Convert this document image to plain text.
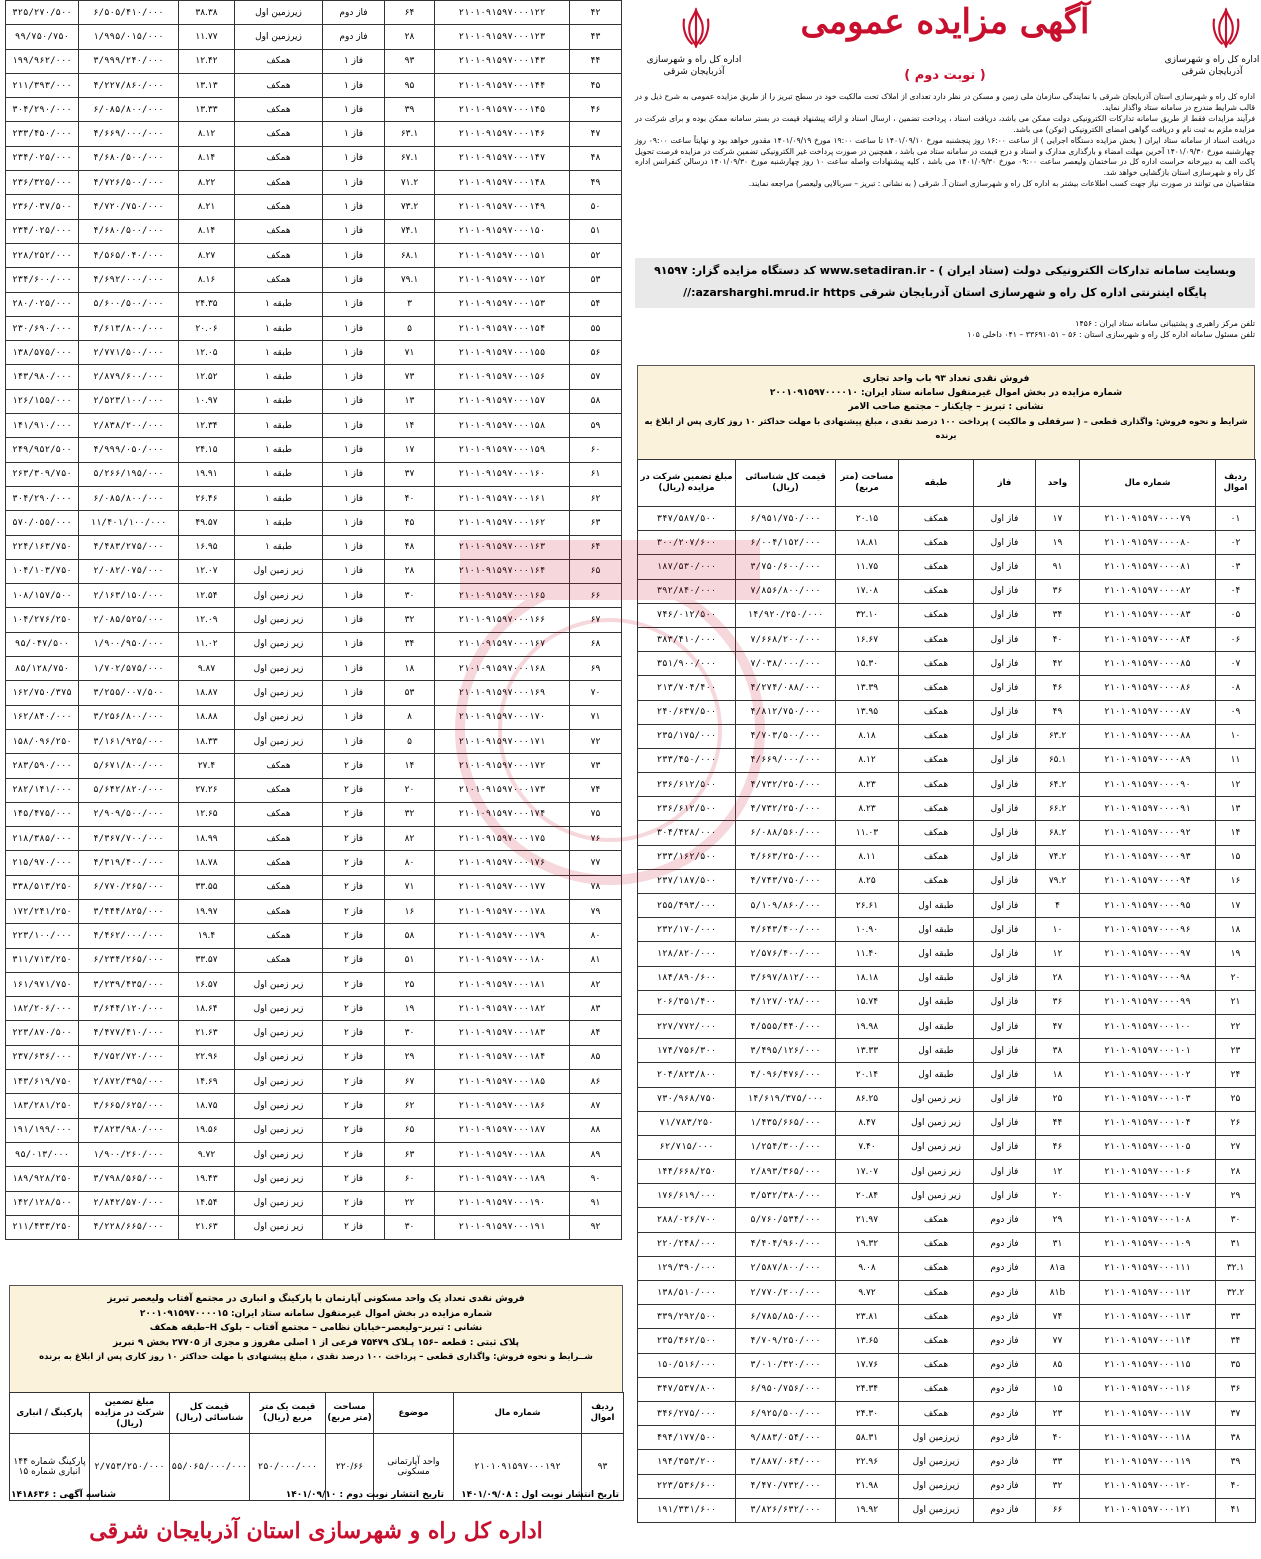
۴۲	۲۱۰۱۰۹۱۵۹۷۰۰۰۱۲۲	۶۴	فاز دوم	زیرزمین اول	۳۸.۳۸	۶/۵۰۵/۴۱۰/۰۰۰	۳۲۵/۲۷۰/۵۰۰
۴۳	۲۱۰۱۰۹۱۵۹۷۰۰۰۱۲۳	۲۸	فاز دوم	زیرزمین اول	۱۱.۷۷	۱/۹۹۵/۰۱۵/۰۰۰	۹۹/۷۵۰/۷۵۰
۴۴	۲۱۰۱۰۹۱۵۹۷۰۰۰۱۴۳	۹۳	فاز ۱	همکف	۱۲.۴۲	۳/۹۹۹/۲۴۰/۰۰۰	۱۹۹/۹۶۲/۰۰۰
۴۵	۲۱۰۱۰۹۱۵۹۷۰۰۰۱۴۴	۹۵	فاز ۱	همکف	۱۳.۱۳	۴/۲۲۷/۸۶۰/۰۰۰	۲۱۱/۳۹۳/۰۰۰
۴۶	۲۱۰۱۰۹۱۵۹۷۰۰۰۱۴۵	۳۹	فاز ۱	همکف	۱۳.۳۳	۶/۰۸۵/۸۰۰/۰۰۰	۳۰۴/۲۹۰/۰۰۰
۴۷	۲۱۰۱۰۹۱۵۹۷۰۰۰۱۴۶	۶۳.۱	فاز ۱	همکف	۸.۱۲	۴/۶۶۹/۰۰۰/۰۰۰	۲۳۳/۴۵۰/۰۰۰
۴۸	۲۱۰۱۰۹۱۵۹۷۰۰۰۱۴۷	۶۷.۱	فاز ۱	همکف	۸.۱۴	۴/۶۸۰/۵۰۰/۰۰۰	۲۳۴/۰۲۵/۰۰۰
۴۹	۲۱۰۱۰۹۱۵۹۷۰۰۰۱۴۸	۷۱.۲	فاز ۱	همکف	۸.۲۲	۴/۷۲۶/۵۰۰/۰۰۰	۲۳۶/۳۲۵/۰۰۰
۵۰	۲۱۰۱۰۹۱۵۹۷۰۰۰۱۴۹	۷۳.۲	فاز ۱	همکف	۸.۲۱	۴/۷۲۰/۷۵۰/۰۰۰	۲۳۶/۰۳۷/۵۰۰
۵۱	۲۱۰۱۰۹۱۵۹۷۰۰۰۱۵۰	۷۴.۱	فاز ۱	همکف	۸.۱۴	۴/۶۸۰/۵۰۰/۰۰۰	۲۳۴/۰۲۵/۰۰۰
۵۲	۲۱۰۱۰۹۱۵۹۷۰۰۰۱۵۱	۶۸.۱	فاز ۱	همکف	۸.۲۷	۴/۵۶۵/۰۴۰/۰۰۰	۲۲۸/۲۵۲/۰۰۰
۵۳	۲۱۰۱۰۹۱۵۹۷۰۰۰۱۵۲	۷۹.۱	فاز ۱	همکف	۸.۱۶	۴/۶۹۲/۰۰۰/۰۰۰	۲۳۴/۶۰۰/۰۰۰
۵۴	۲۱۰۱۰۹۱۵۹۷۰۰۰۱۵۳	۳	فاز ۱	طبقه ۱	۲۴.۳۵	۵/۶۰۰/۵۰۰/۰۰۰	۲۸۰/۰۲۵/۰۰۰
۵۵	۲۱۰۱۰۹۱۵۹۷۰۰۰۱۵۴	۵	فاز ۱	طبقه ۱	۲۰.۰۶	۴/۶۱۳/۸۰۰/۰۰۰	۲۳۰/۶۹۰/۰۰۰
۵۶	۲۱۰۱۰۹۱۵۹۷۰۰۰۱۵۵	۷۱	فاز ۱	طبقه ۱	۱۲.۰۵	۲/۷۷۱/۵۰۰/۰۰۰	۱۳۸/۵۷۵/۰۰۰
۵۷	۲۱۰۱۰۹۱۵۹۷۰۰۰۱۵۶	۷۳	فاز ۱	طبقه ۱	۱۲.۵۲	۲/۸۷۹/۶۰۰/۰۰۰	۱۴۳/۹۸۰/۰۰۰
۵۸	۲۱۰۱۰۹۱۵۹۷۰۰۰۱۵۷	۱۳	فاز ۱	طبقه ۱	۱۰.۹۷	۲/۵۲۳/۱۰۰/۰۰۰	۱۲۶/۱۵۵/۰۰۰
۵۹	۲۱۰۱۰۹۱۵۹۷۰۰۰۱۵۸	۱۴	فاز ۱	طبقه ۱	۱۲.۳۴	۲/۸۳۸/۲۰۰/۰۰۰	۱۴۱/۹۱۰/۰۰۰
۶۰	۲۱۰۱۰۹۱۵۹۷۰۰۰۱۵۹	۱۷	فاز ۱	طبقه ۱	۲۴.۱۵	۴/۹۹۹/۰۵۰/۰۰۰	۲۴۹/۹۵۲/۵۰۰
۶۱	۲۱۰۱۰۹۱۵۹۷۰۰۰۱۶۰	۳۷	فاز ۱	طبقه ۱	۱۹.۹۱	۵/۲۶۶/۱۹۵/۰۰۰	۲۶۳/۳۰۹/۷۵۰
۶۲	۲۱۰۱۰۹۱۵۹۷۰۰۰۱۶۱	۴۰	فاز ۱	طبقه ۱	۲۶.۴۶	۶/۰۸۵/۸۰۰/۰۰۰	۳۰۴/۲۹۰/۰۰۰
۶۳	۲۱۰۱۰۹۱۵۹۷۰۰۰۱۶۲	۴۵	فاز ۱	طبقه ۱	۴۹.۵۷	۱۱/۴۰۱/۱۰۰/۰۰۰	۵۷۰/۰۵۵/۰۰۰
۶۴	۲۱۰۱۰۹۱۵۹۷۰۰۰۱۶۳	۴۸	فاز ۱	طبقه ۱	۱۶.۹۵	۴/۴۸۳/۲۷۵/۰۰۰	۲۲۴/۱۶۳/۷۵۰
۶۵	۲۱۰۱۰۹۱۵۹۷۰۰۰۱۶۴	۲۸	فاز ۱	زیر زمین اول	۱۲.۰۷	۲/۰۸۲/۰۷۵/۰۰۰	۱۰۴/۱۰۳/۷۵۰
۶۶	۲۱۰۱۰۹۱۵۹۷۰۰۰۱۶۵	۳۰	فاز ۱	زیر زمین اول	۱۲.۵۴	۲/۱۶۳/۱۵۰/۰۰۰	۱۰۸/۱۵۷/۵۰۰
۶۷	۲۱۰۱۰۹۱۵۹۷۰۰۰۱۶۶	۳۲	فاز ۱	زیر زمین اول	۱۲.۰۹	۲/۰۸۵/۵۲۵/۰۰۰	۱۰۴/۲۷۶/۲۵۰
۶۸	۲۱۰۱۰۹۱۵۹۷۰۰۰۱۶۷	۳۴	فاز ۱	زیر زمین اول	۱۱.۰۲	۱/۹۰۰/۹۵۰/۰۰۰	۹۵/۰۴۷/۵۰۰
۶۹	۲۱۰۱۰۹۱۵۹۷۰۰۰۱۶۸	۱۸	فاز ۱	زیر زمین اول	۹.۸۷	۱/۷۰۲/۵۷۵/۰۰۰	۸۵/۱۲۸/۷۵۰
۷۰	۲۱۰۱۰۹۱۵۹۷۰۰۰۱۶۹	۵۳	فاز ۱	زیر زمین اول	۱۸.۸۷	۳/۲۵۵/۰۰۷/۵۰۰	۱۶۲/۷۵۰/۳۷۵
۷۱	۲۱۰۱۰۹۱۵۹۷۰۰۰۱۷۰	۸	فاز ۱	زیر زمین اول	۱۸.۸۸	۳/۲۵۶/۸۰۰/۰۰۰	۱۶۲/۸۴۰/۰۰۰
۷۲	۲۱۰۱۰۹۱۵۹۷۰۰۰۱۷۱	۵	فاز ۱	زیر زمین اول	۱۸.۳۳	۳/۱۶۱/۹۲۵/۰۰۰	۱۵۸/۰۹۶/۲۵۰
۷۳	۲۱۰۱۰۹۱۵۹۷۰۰۰۱۷۲	۱۴	فاز ۲	همکف	۲۷.۴	۵/۶۷۱/۸۰۰/۰۰۰	۲۸۳/۵۹۰/۰۰۰
۷۴	۲۱۰۱۰۹۱۵۹۷۰۰۰۱۷۳	۲۰	فاز ۲	همکف	۲۷.۲۶	۵/۶۴۲/۸۲۰/۰۰۰	۲۸۲/۱۴۱/۰۰۰
۷۵	۲۱۰۱۰۹۱۵۹۷۰۰۰۱۷۴	۳۲	فاز ۲	همکف	۱۲.۶۵	۲/۹۰۹/۵۰۰/۰۰۰	۱۴۵/۴۷۵/۰۰۰
۷۶	۲۱۰۱۰۹۱۵۹۷۰۰۰۱۷۵	۸۲	فاز ۲	همکف	۱۸.۹۹	۴/۳۶۷/۷۰۰/۰۰۰	۲۱۸/۳۸۵/۰۰۰
۷۷	۲۱۰۱۰۹۱۵۹۷۰۰۰۱۷۶	۸۰	فاز ۲	همکف	۱۸.۷۸	۴/۳۱۹/۴۰۰/۰۰۰	۲۱۵/۹۷۰/۰۰۰
۷۸	۲۱۰۱۰۹۱۵۹۷۰۰۰۱۷۷	۷۱	فاز ۲	همکف	۳۳.۵۵	۶/۷۷۰/۲۶۵/۰۰۰	۳۳۸/۵۱۳/۲۵۰
۷۹	۲۱۰۱۰۹۱۵۹۷۰۰۰۱۷۸	۱۶	فاز ۲	همکف	۱۹.۹۷	۳/۴۴۴/۸۲۵/۰۰۰	۱۷۲/۲۴۱/۲۵۰
۸۰	۲۱۰۱۰۹۱۵۹۷۰۰۰۱۷۹	۵۸	فاز ۲	همکف	۱۹.۴	۴/۴۶۲/۰۰۰/۰۰۰	۲۲۳/۱۰۰/۰۰۰
۸۱	۲۱۰۱۰۹۱۵۹۷۰۰۰۱۸۰	۵۱	فاز ۲	همکف	۳۳.۵۷	۶/۲۳۴/۲۶۵/۰۰۰	۳۱۱/۷۱۳/۲۵۰
۸۲	۲۱۰۱۰۹۱۵۹۷۰۰۰۱۸۱	۲۵	فاز ۲	زیر زمین اول	۱۶.۵۷	۳/۲۳۹/۴۳۵/۰۰۰	۱۶۱/۹۷۱/۷۵۰
۸۳	۲۱۰۱۰۹۱۵۹۷۰۰۰۱۸۲	۱۹	فاز ۲	زیر زمین اول	۱۸.۶۴	۳/۶۴۴/۱۲۰/۰۰۰	۱۸۲/۲۰۶/۰۰۰
۸۴	۲۱۰۱۰۹۱۵۹۷۰۰۰۱۸۳	۳۰	فاز ۲	زیر زمین اول	۲۱.۶۳	۴/۴۷۷/۴۱۰/۰۰۰	۲۲۳/۸۷۰/۵۰۰
۸۵	۲۱۰۱۰۹۱۵۹۷۰۰۰۱۸۴	۲۹	فاز ۲	زیر زمین اول	۲۲.۹۶	۴/۷۵۲/۷۲۰/۰۰۰	۲۳۷/۶۳۶/۰۰۰
۸۶	۲۱۰۱۰۹۱۵۹۷۰۰۰۱۸۵	۶۷	فاز ۲	زیر زمین اول	۱۴.۶۹	۲/۸۷۲/۳۹۵/۰۰۰	۱۴۳/۶۱۹/۷۵۰
۸۷	۲۱۰۱۰۹۱۵۹۷۰۰۰۱۸۶	۶۲	فاز ۲	زیر زمین اول	۱۸.۷۵	۳/۶۶۵/۶۲۵/۰۰۰	۱۸۳/۲۸۱/۲۵۰
۸۸	۲۱۰۱۰۹۱۵۹۷۰۰۰۱۸۷	۶۵	فاز ۲	زیر زمین اول	۱۹.۵۶	۳/۸۲۳/۹۸۰/۰۰۰	۱۹۱/۱۹۹/۰۰۰
۸۹	۲۱۰۱۰۹۱۵۹۷۰۰۰۱۸۸	۶۳	فاز ۲	زیر زمین اول	۹.۷۲	۱/۹۰۰/۲۶۰/۰۰۰	۹۵/۰۱۳/۰۰۰
۹۰	۲۱۰۱۰۹۱۵۹۷۰۰۰۱۸۹	۶۰	فاز ۲	زیر زمین اول	۱۹.۴۳	۳/۷۹۸/۵۶۵/۰۰۰	۱۸۹/۹۲۸/۲۵۰
۹۱	۲۱۰۱۰۹۱۵۹۷۰۰۰۱۹۰	۲۲	فاز ۲	زیر زمین اول	۱۴.۵۴	۲/۸۴۲/۵۷۰/۰۰۰	۱۴۲/۱۲۸/۵۰۰
۹۲	۲۱۰۱۰۹۱۵۹۷۰۰۰۱۹۱	۳۰	فاز ۲	زیر زمین اول	۲۱.۶۳	۴/۲۲۸/۶۶۵/۰۰۰	۲۱۱/۴۳۳/۲۵۰
فروش نقدی تعداد یک واحد مسکونی آپارتمان با پارکینگ و انباری در مجتمع آفتاب ولیعصر تبریز
شماره مزایده در بخش اموال غیرمنقول سامانه ستاد ایران: ۲۰۰۱۰۹۱۵۹۷۰۰۰۰۱۵
نشانی : تبریز–ولیعصر–خیابان نظامی – مجتمع آفتاب – بلوک H–طبقه همکف
پلاک ثبتی : قطعه –۱۵۶ پـلاک ۷۵۴۷۹ فرعی از ۱ اصلی مفروز و مجزی از ۲۷۷۰۵ بخش ۹ تبریز
شــرایط و نحوه فروش: واگذاری قطعی – پرداخت ۱۰۰ درصد نقدی ، مبلغ پیشنهادی با مهلت حداکثر ۱۰ روز کاری پس از ابلاغ به برنده
ردیف اموال	شماره مال	موضوع	مساحت (متر مربع)	قیمت یک متر مربع (ریال)	قیمت کل شناسائی (ریال)	مبلغ تضمین شرکت در مزایده (ریال)	پارکینگ / انباری
۹۳	۲۱۰۱۰۹۱۵۹۷۰۰۰۱۹۲	واحد آپارتمانی مسکونی	۲۲۰/۶۶	۲۵۰/۰۰۰/۰۰۰	۵۵/۰۶۵/۰۰۰/۰۰۰	۲/۷۵۳/۲۵۰/۰۰۰	پارکینگ شماره ۱۴۴ انباری شماره ۱۵
تاریخ انتشار نوبت اول : ۱۴۰۱/۰۹/۰۸
تاریخ انتشار نوبت دوم : ۱۴۰۱/۰۹/۱۰
شناسه آگهی : ۱۴۱۸۶۳۶
اداره کل راه و شهرسازی استان آذربایجان شرقی
اداره کل راه و شهرسازی آذربایجان شرقی
اداره کل راه و شهرسازی آذربایجان شرقی
آگهی مزایده عمومی
( نوبت دوم )
اداره کل راه و شهرسازی استان آذربایجان شرقی با نمایندگی سازمان ملی زمین و مسکن در نظر دارد تعدادی از املاک تحت مالکیت خود در سطح تبریز را از طریق مزایده عمومی به شرح ذیل و در قالب شرایط مندرج در سامانه ستاد واگذار نماید.
فرآیند مزایدات فقط از طریق سامانه تدارکات الکترونیکی دولت ممکن می باشد، دریافت اسناد ، پرداخت تضمین ، ارسال اسناد و ارائه پیشنهاد قیمت در بستر سامانه ممکن بوده و برای شرکت در مزایده ملزم به ثبت نام و دریافت گواهی امضای الکترونیکی (توکن) می باشد.
دریافت اسناد از سامانه ستاد ایران ( بخش مزایده دستگاه اجرایی ) از ساعت ۱۶:۰۰ روز پنجشنبه مورخ ۱۴۰۱/۰۹/۱۰ تا ساعت ۱۹:۰۰ مورخ ۱۴۰۱/۰۹/۱۹ مقدور خواهد بود و نهایتاً ساعت ۰۹:۰۰ روز چهارشنبه مورخ ۱۴۰۱/۰۹/۳۰ آخرین مهلت امضاء و بارگذاری مدارک و اسناد و درج قیمت در سامانه ستاد می باشد ، همچنین در صورت پرداخت غیر الکترونیکی تضمین شرکت در مزایده فرصت تحویل پاکت الف به دبیرخانه حراست اداره کل در ساختمان ولیعصر ساعت ۰۹:۰۰ مورخ ۱۴۰۱/۰۹/۳۰ می باشد ، کلیه پیشنهادات واصله ساعت ۱۰ روز چهارشنبه مورخ ۱۴۰۱/۰۹/۳۰ درسالن کنفرانس اداره کل راه و شهرسازی استان بازگشایی خواهد شد.
متقاضیان می توانند در صورت نیاز جهت کسب اطلاعات بیشتر به اداره کل راه و شهرسازی استان آ. شرقی ( به نشانی : تبریز – سربالایی ولیعصر) مراجعه نمایند.
وبسایت سامانه تدارکات الکترونیکی دولت (ستاد ایران ) - www.setadiran.ir کد دستگاه مزایده گزار: ۹۱۵۹۷
پایگاه اینترنتی اداره کل راه و شهرسازی استان آذربایجان شرقی azarsharghi.mrud.ir https://
تلفن مرکز راهبری و پشتیبانی سامانه ستاد ایران : ۱۴۵۶
تلفن مسئول سامانه اداره کل راه و شهرسازی استان : ۵۶ – ۳۳۶۹۱۰۵۱ – ۰۴۱ داخلی ۱۰۵
فروش نقدی تعداد ۹۳ باب واحد تجاری
شماره مزایده در بخش اموال غیرمنقول سامانه ستاد ایران: ۲۰۰۱۰۹۱۵۹۷۰۰۰۰۱۰
نشانی : تبریز – چایکنار – مجتمع صاحب الامر
شرایط و نحوه فروش: واگذاری قطعی – ( سرقفلی و مالکیت ) پرداخت ۱۰۰ درصد نقدی ، مبلغ پیشنهادی با مهلت حداکثر ۱۰ روز کاری پس از ابلاغ به برنده
ردیف اموال	شماره مال	واحد	فاز	طبقه	مساحت (متر مربع)	قیمت کل شناسائی (ریال)	مبلغ تضمین شرکت در مزایده (ریال)
۰۱	۲۱۰۱۰۹۱۵۹۷۰۰۰۰۷۹	۱۷	فاز اول	همکف	۲۰.۱۵	۶/۹۵۱/۷۵۰/۰۰۰	۳۴۷/۵۸۷/۵۰۰
۰۲	۲۱۰۱۰۹۱۵۹۷۰۰۰۰۸۰	۱۹	فاز اول	همکف	۱۸.۸۱	۶/۰۰۴/۱۵۲/۰۰۰	۳۰۰/۲۰۷/۶۰۰
۰۳	۲۱۰۱۰۹۱۵۹۷۰۰۰۰۸۱	۹۱	فاز اول	همکف	۱۱.۷۵	۳/۷۵۰/۶۰۰/۰۰۰	۱۸۷/۵۳۰/۰۰۰
۰۴	۲۱۰۱۰۹۱۵۹۷۰۰۰۰۸۲	۳۶	فاز اول	همکف	۱۷.۰۸	۷/۸۵۶/۸۰۰/۰۰۰	۳۹۲/۸۴۰/۰۰۰
۰۵	۲۱۰۱۰۹۱۵۹۷۰۰۰۰۸۳	۳۴	فاز اول	همکف	۳۲.۱۰	۱۴/۹۲۰/۲۵۰/۰۰۰	۷۴۶/۰۱۲/۵۰۰
۰۶	۲۱۰۱۰۹۱۵۹۷۰۰۰۰۸۴	۴۰	فاز اول	همکف	۱۶.۶۷	۷/۶۶۸/۲۰۰/۰۰۰	۳۸۳/۴۱۰/۰۰۰
۰۷	۲۱۰۱۰۹۱۵۹۷۰۰۰۰۸۵	۴۲	فاز اول	همکف	۱۵.۳۰	۷/۰۳۸/۰۰۰/۰۰۰	۳۵۱/۹۰۰/۰۰۰
۰۸	۲۱۰۱۰۹۱۵۹۷۰۰۰۰۸۶	۴۶	فاز اول	همکف	۱۳.۳۹	۴/۲۷۴/۰۸۸/۰۰۰	۲۱۳/۷۰۴/۴۰۰
۰۹	۲۱۰۱۰۹۱۵۹۷۰۰۰۰۸۷	۴۹	فاز اول	همکف	۱۳.۹۵	۴/۸۱۲/۷۵۰/۰۰۰	۲۴۰/۶۳۷/۵۰۰
۱۰	۲۱۰۱۰۹۱۵۹۷۰۰۰۰۸۸	۶۳.۲	فاز اول	همکف	۸.۱۸	۴/۷۰۳/۵۰۰/۰۰۰	۲۳۵/۱۷۵/۰۰۰
۱۱	۲۱۰۱۰۹۱۵۹۷۰۰۰۰۸۹	۶۵.۱	فاز اول	همکف	۸.۱۲	۴/۶۶۹/۰۰۰/۰۰۰	۲۳۳/۴۵۰/۰۰۰
۱۲	۲۱۰۱۰۹۱۵۹۷۰۰۰۰۹۰	۶۴.۲	فاز اول	همکف	۸.۲۳	۴/۷۳۲/۲۵۰/۰۰۰	۲۳۶/۶۱۲/۵۰۰
۱۳	۲۱۰۱۰۹۱۵۹۷۰۰۰۰۹۱	۶۶.۲	فاز اول	همکف	۸.۲۳	۴/۷۳۲/۲۵۰/۰۰۰	۲۳۶/۶۱۲/۵۰۰
۱۴	۲۱۰۱۰۹۱۵۹۷۰۰۰۰۹۲	۶۸.۲	فاز اول	همکف	۱۱.۰۳	۶/۰۸۸/۵۶۰/۰۰۰	۳۰۴/۴۲۸/۰۰۰
۱۵	۲۱۰۱۰۹۱۵۹۷۰۰۰۰۹۳	۷۴.۲	فاز اول	همکف	۸.۱۱	۴/۶۶۳/۲۵۰/۰۰۰	۲۳۳/۱۶۲/۵۰۰
۱۶	۲۱۰۱۰۹۱۵۹۷۰۰۰۰۹۴	۷۹.۲	فاز اول	همکف	۸.۲۵	۴/۷۴۳/۷۵۰/۰۰۰	۲۳۷/۱۸۷/۵۰۰
۱۷	۲۱۰۱۰۹۱۵۹۷۰۰۰۰۹۵	۴	فاز اول	طبقه اول	۲۶.۶۱	۵/۱۰۹/۸۶۰/۰۰۰	۲۵۵/۴۹۳/۰۰۰
۱۸	۲۱۰۱۰۹۱۵۹۷۰۰۰۰۹۶	۱۰	فاز اول	طبقه اول	۱۰.۹۰	۴/۶۴۳/۴۰۰/۰۰۰	۲۳۲/۱۷۰/۰۰۰
۱۹	۲۱۰۱۰۹۱۵۹۷۰۰۰۰۹۷	۱۲	فاز اول	طبقه اول	۱۱.۴۰	۲/۵۷۶/۴۰۰/۰۰۰	۱۲۸/۸۲۰/۰۰۰
۲۰	۲۱۰۱۰۹۱۵۹۷۰۰۰۰۹۸	۲۸	فاز اول	طبقه اول	۱۸.۱۸	۳/۶۹۷/۸۱۲/۰۰۰	۱۸۴/۸۹۰/۶۰۰
۲۱	۲۱۰۱۰۹۱۵۹۷۰۰۰۰۹۹	۳۶	فاز اول	طبقه اول	۱۵.۷۴	۴/۱۲۷/۰۲۸/۰۰۰	۲۰۶/۳۵۱/۴۰۰
۲۲	۲۱۰۱۰۹۱۵۹۷۰۰۰۱۰۰	۴۷	فاز اول	طبقه اول	۱۹.۹۸	۴/۵۵۵/۴۴۰/۰۰۰	۲۲۷/۷۷۲/۰۰۰
۲۳	۲۱۰۱۰۹۱۵۹۷۰۰۰۱۰۱	۳۸	فاز اول	طبقه اول	۱۳.۳۳	۳/۴۹۵/۱۲۶/۰۰۰	۱۷۴/۷۵۶/۳۰۰
۲۴	۲۱۰۱۰۹۱۵۹۷۰۰۰۱۰۲	۱۸	فاز اول	طبقه اول	۲۰.۱۴	۴/۰۹۶/۴۷۶/۰۰۰	۲۰۴/۸۲۳/۸۰۰
۲۵	۲۱۰۱۰۹۱۵۹۷۰۰۰۱۰۳	۲۵	فاز اول	زیر زمین اول	۸۶.۲۵	۱۴/۶۱۹/۳۷۵/۰۰۰	۷۳۰/۹۶۸/۷۵۰
۲۶	۲۱۰۱۰۹۱۵۹۷۰۰۰۱۰۴	۴۴	فاز اول	زیر زمین اول	۸.۴۷	۱/۴۳۵/۶۶۵/۰۰۰	۷۱/۷۸۳/۲۵۰
۲۷	۲۱۰۱۰۹۱۵۹۷۰۰۰۱۰۵	۴۶	فاز اول	زیر زمین اول	۷.۴۰	۱/۲۵۴/۳۰۰/۰۰۰	۶۲/۷۱۵/۰۰۰
۲۸	۲۱۰۱۰۹۱۵۹۷۰۰۰۱۰۶	۱۲	فاز اول	زیر زمین اول	۱۷.۰۷	۲/۸۹۳/۳۶۵/۰۰۰	۱۴۴/۶۶۸/۲۵۰
۲۹	۲۱۰۱۰۹۱۵۹۷۰۰۰۱۰۷	۲۰	فاز اول	زیر زمین اول	۲۰.۸۴	۳/۵۳۲/۳۸۰/۰۰۰	۱۷۶/۶۱۹/۰۰۰
۳۰	۲۱۰۱۰۹۱۵۹۷۰۰۰۱۰۸	۲۹	فاز دوم	همکف	۲۱.۹۷	۵/۷۶۰/۵۳۴/۰۰۰	۲۸۸/۰۲۶/۷۰۰
۳۱	۲۱۰۱۰۹۱۵۹۷۰۰۰۱۰۹	۳۱	فاز دوم	همکف	۱۹.۳۲	۴/۴۰۴/۹۶۰/۰۰۰	۲۲۰/۲۴۸/۰۰۰
۳۲.۱	۲۱۰۱۰۹۱۵۹۷۰۰۰۱۱۱	۸۱a	فاز دوم	همکف	۹.۰۸	۲/۵۸۷/۸۰۰/۰۰۰	۱۲۹/۳۹۰/۰۰۰
۳۲.۲	۲۱۰۱۰۹۱۵۹۷۰۰۰۱۱۲	۸۱b	فاز دوم	همکف	۹.۷۲	۲/۷۷۰/۲۰۰/۰۰۰	۱۳۸/۵۱۰/۰۰۰
۳۳	۲۱۰۱۰۹۱۵۹۷۰۰۰۱۱۳	۷۴	فاز دوم	همکف	۲۳.۸۱	۶/۷۸۵/۸۵۰/۰۰۰	۳۳۹/۲۹۲/۵۰۰
۳۴	۲۱۰۱۰۹۱۵۹۷۰۰۰۱۱۴	۷۷	فاز دوم	همکف	۱۳.۶۵	۴/۷۰۹/۲۵۰/۰۰۰	۲۳۵/۴۶۲/۵۰۰
۳۵	۲۱۰۱۰۹۱۵۹۷۰۰۰۱۱۵	۸۵	فاز دوم	همکف	۱۷.۷۶	۳/۰۱۰/۳۲۰/۰۰۰	۱۵۰/۵۱۶/۰۰۰
۳۶	۲۱۰۱۰۹۱۵۹۷۰۰۰۱۱۶	۱۵	فاز دوم	همکف	۲۴.۳۴	۶/۹۵۰/۷۵۶/۰۰۰	۳۴۷/۵۳۷/۸۰۰
۳۷	۲۱۰۱۰۹۱۵۹۷۰۰۰۱۱۷	۲۳	فاز دوم	همکف	۲۴.۳۰	۶/۹۲۵/۵۰۰/۰۰۰	۳۴۶/۲۷۵/۰۰۰
۳۸	۲۱۰۱۰۹۱۵۹۷۰۰۰۱۱۸	۴۰	فاز دوم	زیرزمین اول	۵۸.۳۱	۹/۸۸۳/۰۵۴/۰۰۰	۴۹۴/۱۷۷/۵۰۰
۳۹	۲۱۰۱۰۹۱۵۹۷۰۰۰۱۱۹	۳۳	فاز دوم	زیرزمین اول	۲۲.۹۶	۳/۸۸۷/۰۶۴/۰۰۰	۱۹۴/۳۵۳/۲۰۰
۴۰	۲۱۰۱۰۹۱۵۹۷۰۰۰۱۲۰	۳۲	فاز دوم	زیرزمین اول	۲۱.۹۸	۴/۴۷۰/۷۳۲/۰۰۰	۲۲۳/۵۳۶/۶۰۰
۴۱	۲۱۰۱۰۹۱۵۹۷۰۰۰۱۲۱	۶۶	فاز دوم	زیرزمین اول	۱۹.۹۲	۳/۸۲۶/۶۳۲/۰۰۰	۱۹۱/۳۳۱/۶۰۰
